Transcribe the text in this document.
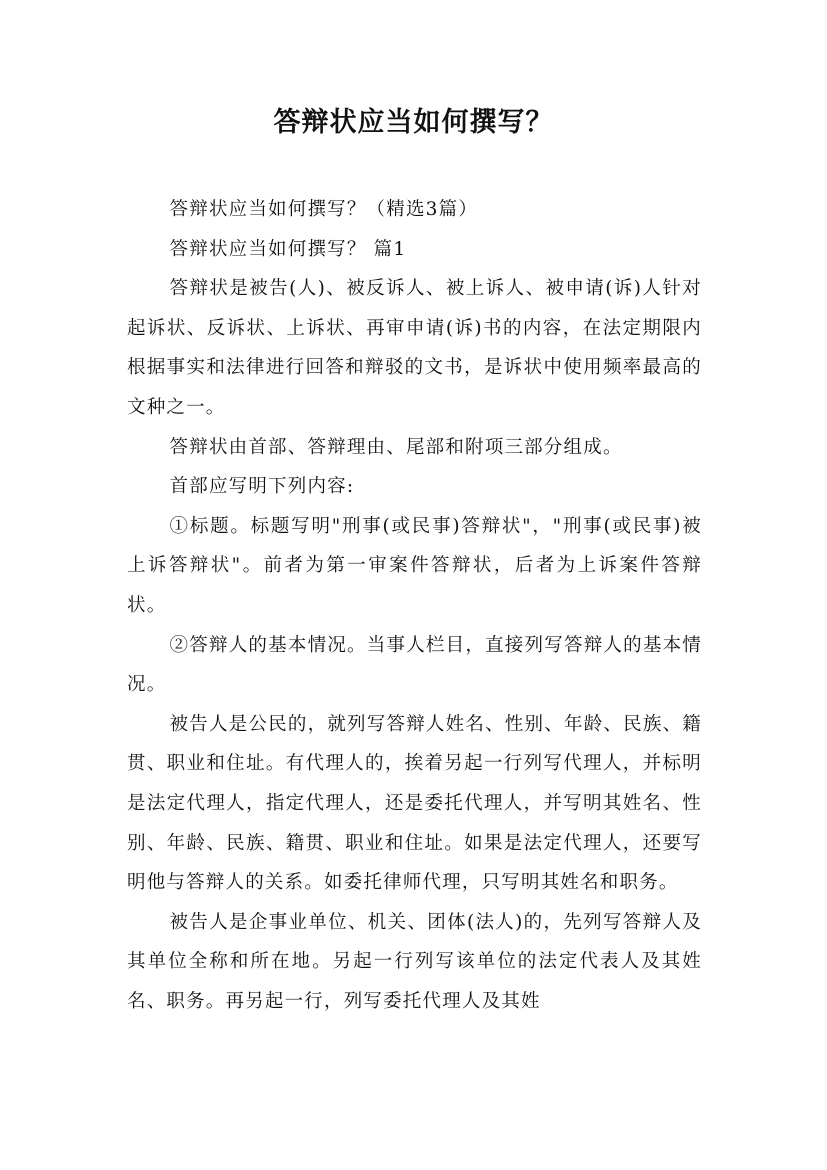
答辩状应当如何撰写？

答辩状应当如何撰写？（精选3篇）

答辩状应当如何撰写？ 篇1

答辩状是被告(人)、被反诉人、被上诉人、被申请(诉)人针对起诉状、反诉状、上诉状、再审申请(诉)书的内容，在法定期限内根据事实和法律进行回答和辩驳的文书，是诉状中使用频率最高的文种之一。

答辩状由首部、答辩理由、尾部和附项三部分组成。

首部应写明下列内容:

①标题。标题写明"刑事(或民事)答辩状"，"刑事(或民事)被上诉答辩状"。前者为第一审案件答辩状，后者为上诉案件答辩状。

②答辩人的基本情况。当事人栏目，直接列写答辩人的基本情况。

被告人是公民的，就列写答辩人姓名、性别、年龄、民族、籍贯、职业和住址。有代理人的，挨着另起一行列写代理人，并标明是法定代理人，指定代理人，还是委托代理人，并写明其姓名、性别、年龄、民族、籍贯、职业和住址。如果是法定代理人，还要写明他与答辩人的关系。如委托律师代理，只写明其姓名和职务。

被告人是企事业单位、机关、团体(法人)的，先列写答辩人及其单位全称和所在地。另起一行列写该单位的法定代表人及其姓名、职务。再另起一行，列写委托代理人及其姓
